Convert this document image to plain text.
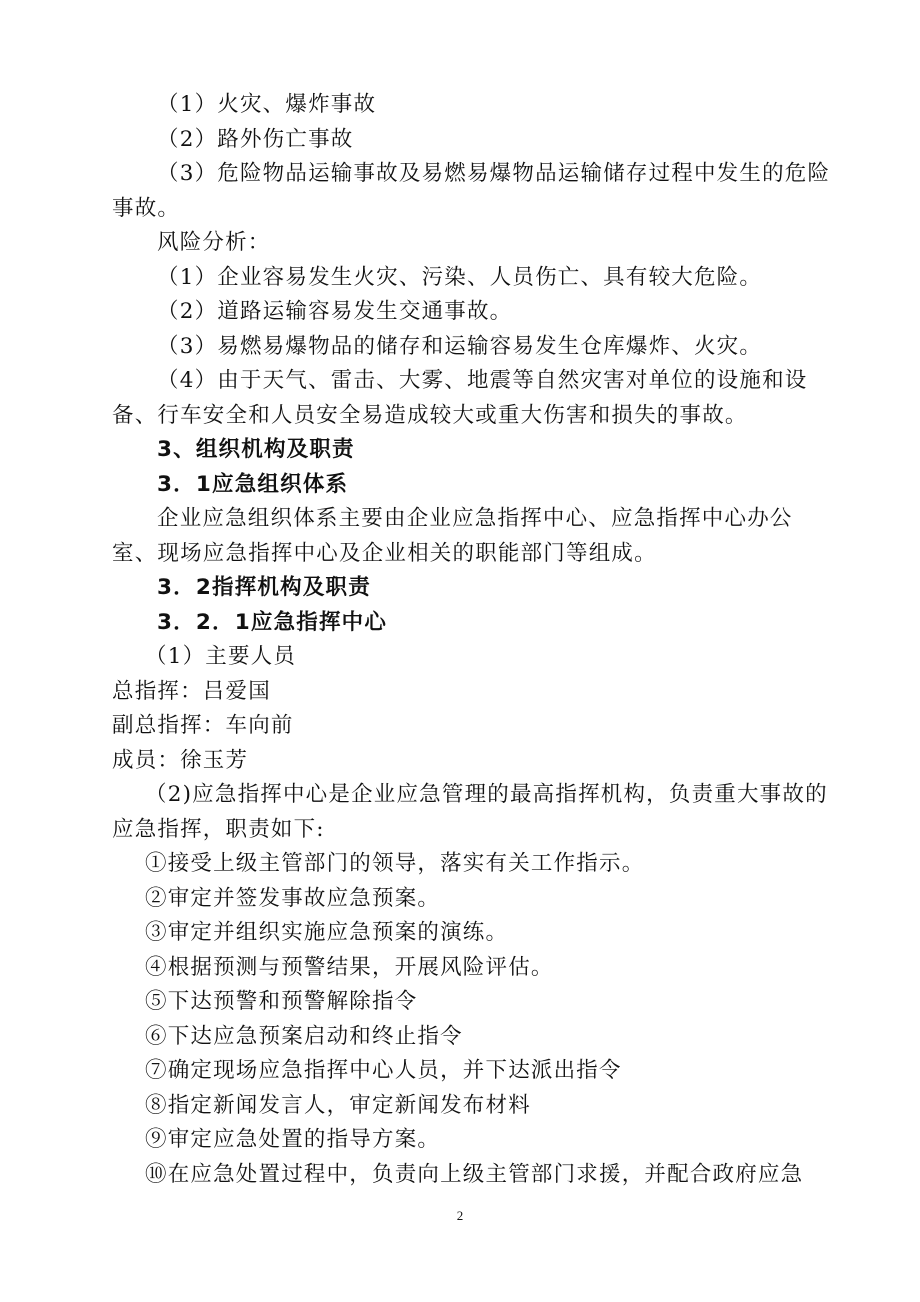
（1）火灾、爆炸事故

（2）路外伤亡事故

（3）危险物品运输事故及易燃易爆物品运输储存过程中发生的危险事故。

风险分析：

（1）企业容易发生火灾、污染、人员伤亡、具有较大危险。

（2）道路运输容易发生交通事故。

（3）易燃易爆物品的储存和运输容易发生仓库爆炸、火灾。

（4）由于天气、雷击、大雾、地震等自然灾害对单位的设施和设备、行车安全和人员安全易造成较大或重大伤害和损失的事故。

3、组织机构及职责

3．1应急组织体系

企业应急组织体系主要由企业应急指挥中心、应急指挥中心办公室、现场应急指挥中心及企业相关的职能部门等组成。

3．2指挥机构及职责

3．2．1应急指挥中心

（1）主要人员

总指挥：吕爱国

副总指挥：车向前

成员：徐玉芳

（2)应急指挥中心是企业应急管理的最高指挥机构，负责重大事故的应急指挥，职责如下:

①接受上级主管部门的领导，落实有关工作指示。

②审定并签发事故应急预案。

③审定并组织实施应急预案的演练。

④根据预测与预警结果，开展风险评估。

⑤下达预警和预警解除指令

⑥下达应急预案启动和终止指令

⑦确定现场应急指挥中心人员，并下达派出指令

⑧指定新闻发言人，审定新闻发布材料

⑨审定应急处置的指导方案。

⑩在应急处置过程中，负责向上级主管部门求援，并配合政府应急

2
